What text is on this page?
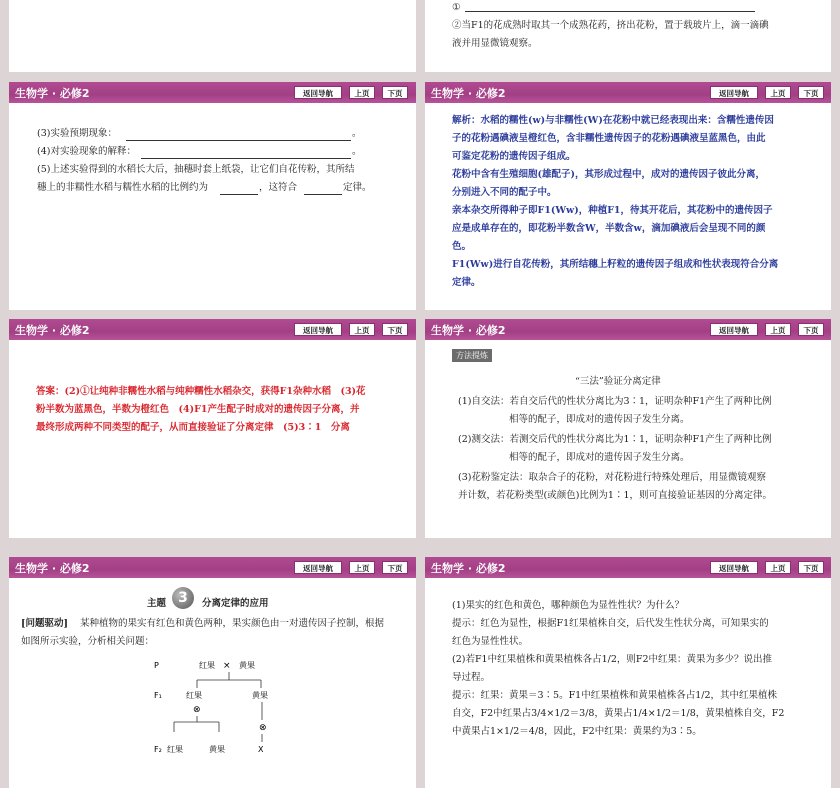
①
②当F1的花成熟时取其一个成熟花药，挤出花粉，置于载玻片上，滴一滴碘
液并用显微镜观察。
生物学 · 必修2	返回导航	上页	下页
(3)实验预期现象：	。
(4)对实验现象的解释：	。
(5)上述实验得到的水稻长大后，抽穗时套上纸袋，让它们自花传粉，其所结
穗上的非糯性水稻与糯性水稻的比例约为	，这符合	定律。
生物学 · 必修2	返回导航	上页	下页
解析：水稻的糯性(w)与非糯性(W)在花粉中就已经表现出来：含糯性遗传因
子的花粉遇碘液呈橙红色，含非糯性遗传因子的花粉遇碘液呈蓝黑色，由此
可鉴定花粉的遗传因子组成。
花粉中含有生殖细胞(雄配子)，其形成过程中，成对的遗传因子彼此分离，
分别进入不同的配子中。
亲本杂交所得种子即F1(Ww)，种植F1，待其开花后，其花粉中的遗传因子
应是成单存在的，即花粉半数含W，半数含w，滴加碘液后会呈现不同的颜
色。
F1(Ww)进行自花传粉，其所结穗上籽粒的遗传因子组成和性状表现符合分离
定律。
生物学 · 必修2	返回导航	上页	下页
答案：(2)①让纯种非糯性水稻与纯种糯性水稻杂交，获得F1杂种水稻　(3)花
粉半数为蓝黑色，半数为橙红色　(4)F1产生配子时成对的遗传因子分离，并
最终形成两种不同类型的配子，从而直接验证了分离定律　(5)3∶1　分离
生物学 · 必修2	返回导航	上页	下页
方法提炼
“三法”验证分离定律
(1)自交法：若自交后代的性状分离比为3∶1，证明杂种F1产生了两种比例
相等的配子，即成对的遗传因子发生分离。
(2)测交法：若测交后代的性状分离比为1∶1，证明杂种F1产生了两种比例
相等的配子，即成对的遗传因子发生分离。
(3)花粉鉴定法：取杂合子的花粉，对花粉进行特殊处理后，用显微镜观察
并计数，若花粉类型(或颜色)比例为1∶1，则可直接验证基因的分离定律。
生物学 · 必修2	返回导航	上页	下页
主题 3	分离定律的应用
[问题驱动] 某种植物的果实有红色和黄色两种，果实颜色由一对遗传因子控制，根据
如图所示实验，分析相关问题：
P	红果 × 黄果
F₁	红果	黄果
⊗
⊗
F₂ 红果	黄果	X
生物学 · 必修2	返回导航	上页	下页
(1)果实的红色和黄色，哪种颜色为显性性状？为什么？
提示：红色为显性，根据F1红果植株自交，后代发生性状分离，可知果实的
红色为显性性状。
(2)若F1中红果植株和黄果植株各占1/2，则F2中红果：黄果为多少？说出推
导过程。
提示：红果：黄果＝3∶5。F1中红果植株和黄果植株各占1/2，其中红果植株
自交，F2中红果占3/4×1/2＝3/8，黄果占1/4×1/2＝1/8，黄果植株自交，F2
中黄果占1×1/2＝4/8，因此，F2中红果：黄果约为3∶5。
